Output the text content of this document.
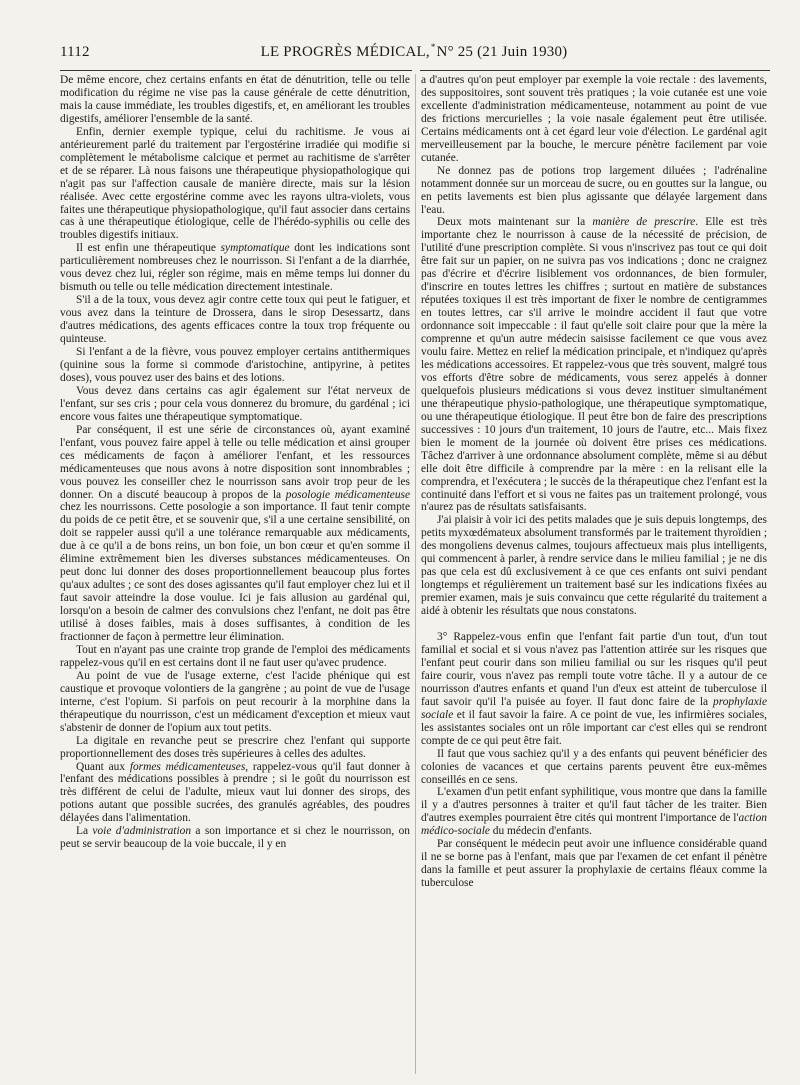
1112	LE PROGRÈS MÉDICAL,*N° 25 (21 Juin 1930)

De même encore, chez certains enfants en état de dénutrition, telle ou telle modification du régime ne vise pas la cause générale de cette dénutrition, mais la cause immédiate, les troubles digestifs, et, en améliorant les troubles digestifs, améliorer l'ensemble de la santé.

Enfin, dernier exemple typique, celui du rachitisme. Je vous ai antérieurement parlé du traitement par l'ergostérine irradiée qui modifie si complètement le métabolisme calcique et permet au rachitisme de s'arrêter et de se réparer. Là nous faisons une thérapeutique physiopathologique qui n'agit pas sur l'affection causale de manière directe, mais sur la lésion réalisée. Avec cette ergostérine comme avec les rayons ultra-violets, vous faites une thérapeutique physiopathologique, qu'il faut associer dans certains cas à une thérapeutique étiologique, celle de l'hérédo-syphilis ou celle des troubles digestifs initiaux.

Il est enfin une thérapeutique symptomatique dont les indications sont particulièrement nombreuses chez le nourrisson. Si l'enfant a de la diarrhée, vous devez chez lui, régler son régime, mais en même temps lui donner du bismuth ou telle ou telle médication directement intestinale.

S'il a de la toux, vous devez agir contre cette toux qui peut le fatiguer, et vous avez dans la teinture de Drossera, dans le sirop Desessartz, dans d'autres médications, des agents efficaces contre la toux trop fréquente ou quinteuse.

Si l'enfant a de la fièvre, vous pouvez employer certains antithermiques (quinine sous la forme si commode d'aristochine, antipyrine, à petites doses), vous pouvez user des bains et des lotions.

Vous devez dans certains cas agir également sur l'état nerveux de l'enfant, sur ses cris ; pour cela vous donnerez du bromure, du gardénal ; ici encore vous faites une thérapeutique symptomatique.

Par conséquent, il est une série de circonstances où, ayant examiné l'enfant, vous pouvez faire appel à telle ou telle médication et ainsi grouper ces médicaments de façon à améliorer l'enfant, et les ressources médicamenteuses que nous avons à notre disposition sont innombrables ; vous pouvez les conseiller chez le nourrisson sans avoir trop peur de les donner. On a discuté beaucoup à propos de la posologie médicamenteuse chez les nourrissons. Cette posologie a son importance. Il faut tenir compte du poids de ce petit être, et se souvenir que, s'il a une certaine sensibilité, on doit se rappeler aussi qu'il a une tolérance remarquable aux médicaments, due à ce qu'il a de bons reins, un bon foie, un bon cœur et qu'en somme il élimine extrêmement bien les diverses substances médicamenteuses. On peut donc lui donner des doses proportionnellement beaucoup plus fortes qu'aux adultes ; ce sont des doses agissantes qu'il faut employer chez lui et il faut savoir atteindre la dose voulue. Ici je fais allusion au gardénal qui, lorsqu'on a besoin de calmer des convulsions chez l'enfant, ne doit pas être utilisé à doses faibles, mais à doses suffisantes, à condition de les fractionner de façon à permettre leur élimination.

Tout en n'ayant pas une crainte trop grande de l'emploi des médicaments rappelez-vous qu'il en est certains dont il ne faut user qu'avec prudence.

Au point de vue de l'usage externe, c'est l'acide phénique qui est caustique et provoque volontiers de la gangrène ; au point de vue de l'usage interne, c'est l'opium. Si parfois on peut recourir à la morphine dans la thérapeutique du nourrisson, c'est un médicament d'exception et mieux vaut s'abstenir de donner de l'opium aux tout petits.

La digitale en revanche peut se prescrire chez l'enfant qui supporte proportionnellement des doses très supérieures à celles des adultes.

Quant aux formes médicamenteuses, rappelez-vous qu'il faut donner à l'enfant des médications possibles à prendre ; si le goût du nourrisson est très différent de celui de l'adulte, mieux vaut lui donner des sirops, des potions autant que possible sucrées, des granulés agréables, des poudres délayées dans l'alimentation.

La voie d'administration a son importance et si chez le nourrisson, on peut se servir beaucoup de la voie buccale, il y en

a d'autres qu'on peut employer par exemple la voie rectale : des lavements, des suppositoires, sont souvent très pratiques ; la voie cutanée est une voie excellente d'administration médicamenteuse, notamment au point de vue des frictions mercurielles ; la voie nasale également peut être utilisée. Certains médicaments ont à cet égard leur voie d'élection. Le gardénal agit merveilleusement par la bouche, le mercure pénètre facilement par voie cutanée.

Ne donnez pas de potions trop largement diluées ; l'adrénaline notamment donnée sur un morceau de sucre, ou en gouttes sur la langue, ou en petits lavements est bien plus agissante que délayée largement dans l'eau.

Deux mots maintenant sur la manière de prescrire. Elle est très importante chez le nourrisson à cause de la nécessité de précision, de l'utilité d'une prescription complète. Si vous n'inscrivez pas tout ce qui doit être fait sur un papier, on ne suivra pas vos indications ; donc ne craignez pas d'écrire et d'écrire lisiblement vos ordonnances, de bien formuler, d'inscrire en toutes lettres les chiffres ; surtout en matière de substances réputées toxiques il est très important de fixer le nombre de centigrammes en toutes lettres, car s'il arrive le moindre accident il faut que votre ordonnance soit impeccable : il faut qu'elle soit claire pour que la mère la comprenne et qu'un autre médecin saisisse facilement ce que vous avez voulu faire. Mettez en relief la médication principale, et n'indiquez qu'après les médications accessoires. Et rappelez-vous que très souvent, malgré tous vos efforts d'être sobre de médicaments, vous serez appelés à donner quelquefois plusieurs médications si vous devez instituer simultanément une thérapeutique physio-pathologique, une thérapeutique symptomatique, ou une thérapeutique étiologique. Il peut être bon de faire des prescriptions successives : 10 jours d'un traitement, 10 jours de l'autre, etc... Mais fixez bien le moment de la journée où doivent être prises ces médications. Tâchez d'arriver à une ordonnance absolument complète, même si au début elle doit être difficile à comprendre par la mère : en la relisant elle la comprendra, et l'exécutera ; le succès de la thérapeutique chez l'enfant est la continuité dans l'effort et si vous ne faites pas un traitement prolongé, vous n'aurez pas de résultats satisfaisants.

J'ai plaisir à voir ici des petits malades que je suis depuis longtemps, des petits myxœdémateux absolument transformés par le traitement thyroïdien ; des mongoliens devenus calmes, toujours affectueux mais plus intelligents, qui commencent à parler, à rendre service dans le milieu familial ; je ne dis pas que cela est dû exclusivement à ce que ces enfants ont suivi pendant longtemps et régulièrement un traitement basé sur les indications fixées au premier examen, mais je suis convaincu que cette régularité du traitement a aidé à obtenir les résultats que nous constatons.

3° Rappelez-vous enfin que l'enfant fait partie d'un tout, d'un tout familial et social et si vous n'avez pas l'attention attirée sur les risques que l'enfant peut courir dans son milieu familial ou sur les risques qu'il peut faire courir, vous n'avez pas rempli toute votre tâche. Il y a autour de ce nourrisson d'autres enfants et quand l'un d'eux est atteint de tuberculose il faut savoir qu'il l'a puisée au foyer. Il faut donc faire de la prophylaxie sociale et il faut savoir la faire. A ce point de vue, les infirmières sociales, les assistantes sociales ont un rôle important car c'est elles qui se rendront compte de ce qui peut être fait.

Il faut que vous sachiez qu'il y a des enfants qui peuvent bénéficier des colonies de vacances et que certains parents peuvent être eux-mêmes conseillés en ce sens.

L'examen d'un petit enfant syphilitique, vous montre que dans la famille il y a d'autres personnes à traiter et qu'il faut tâcher de les traiter. Bien d'autres exemples pourraient être cités qui montrent l'importance de l'action médico-sociale du médecin d'enfants.

Par conséquent le médecin peut avoir une influence considérable quand il ne se borne pas à l'enfant, mais que par l'examen de cet enfant il pénètre dans la famille et peut assurer la prophylaxie de certains fléaux comme la tuberculose
